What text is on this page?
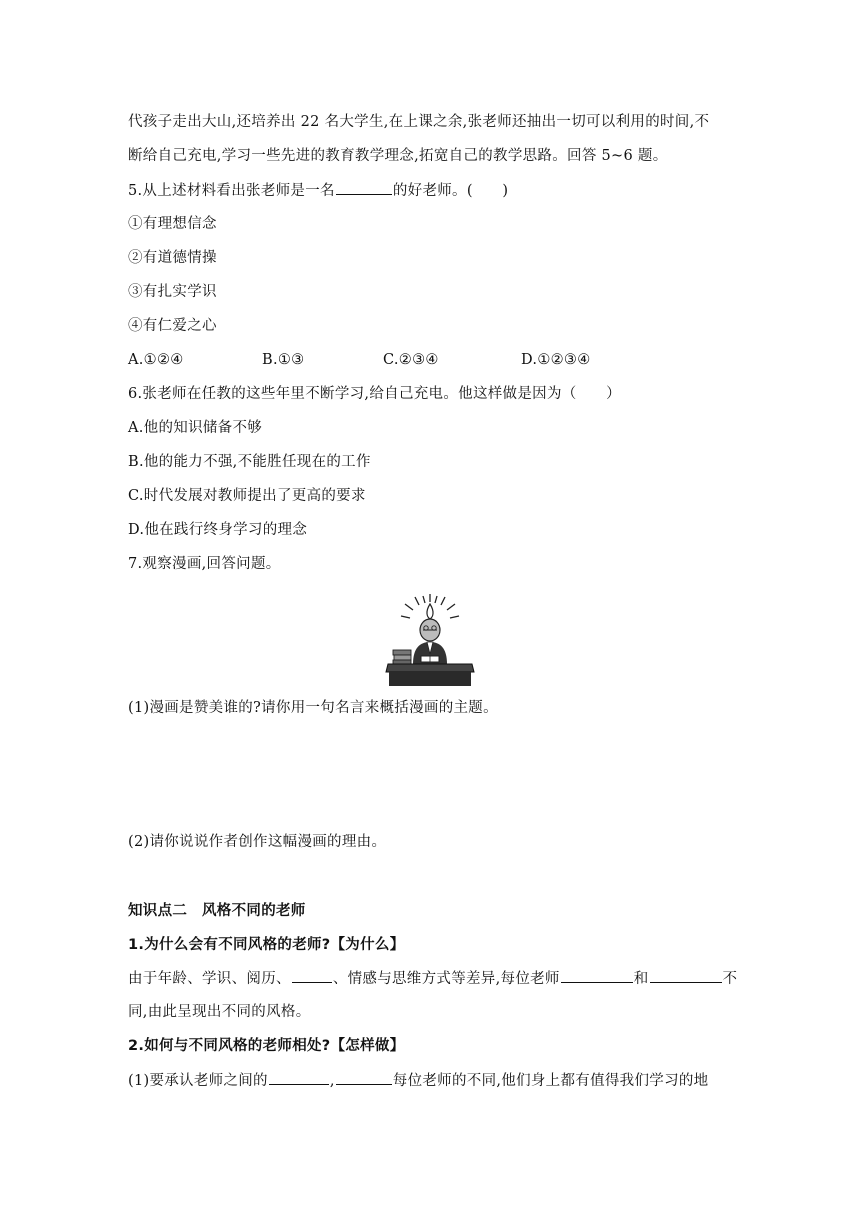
代孩子走出大山,还培养出 22 名大学生,在上课之余,张老师还抽出一切可以利用的时间,不
断给自己充电,学习一些先进的教育教学理念,拓宽自己的教学思路。回答 5~6 题。
5.从上述材料看出张老师是一名	的好老师。(　　)
①有理想信念
②有道德情操
③有扎实学识
④有仁爱之心
A.①②④	B.①③	C.②③④	D.①②③④
6.张老师在任教的这些年里不断学习,给自己充电。他这样做是因为（　　）
A.他的知识储备不够
B.他的能力不强,不能胜任现在的工作
C.时代发展对教师提出了更高的要求
D.他在践行终身学习的理念
7.观察漫画,回答问题。
(1)漫画是赞美谁的?请你用一句名言来概括漫画的主题。
(2)请你说说作者创作这幅漫画的理由。
知识点二　风格不同的老师
1.为什么会有不同风格的老师?【为什么】
由于年龄、学识、阅历、	、情感与思维方式等差异,每位老师	和	不
同,由此呈现出不同的风格。
2.如何与不同风格的老师相处?【怎样做】
(1)要承认老师之间的	,	每位老师的不同,他们身上都有值得我们学习的地
